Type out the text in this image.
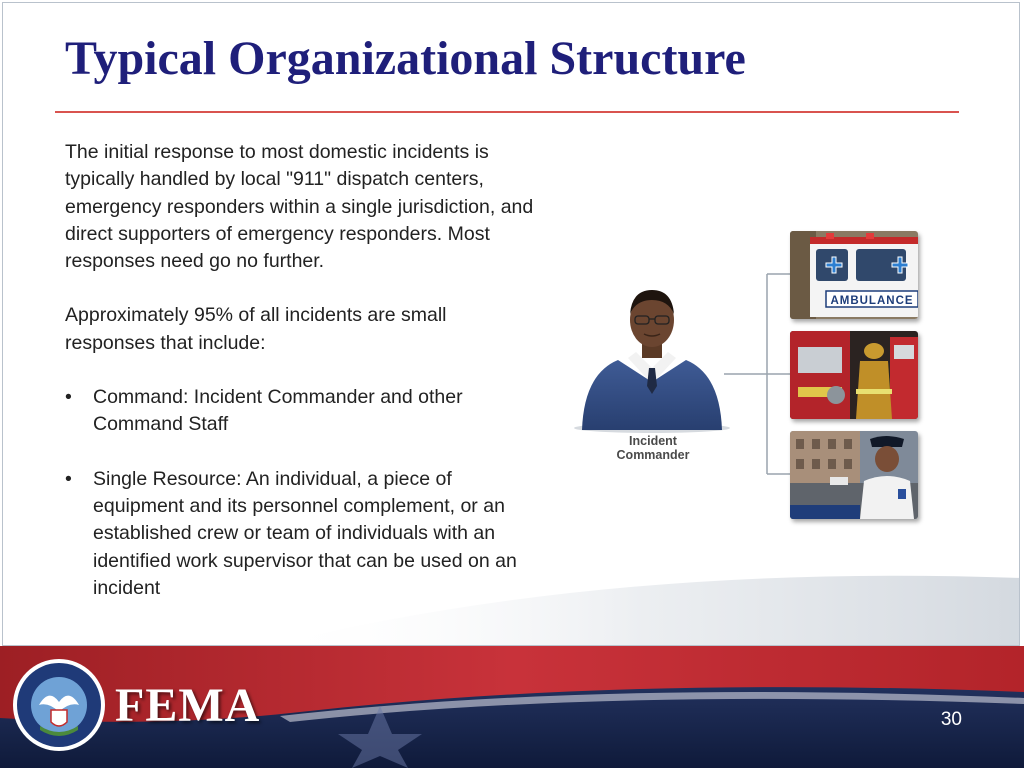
Typical Organizational Structure

The initial response to most domestic incidents is typically handled by local "911" dispatch centers, emergency responders within a single jurisdiction, and direct supporters of emergency responders. Most responses need go no further.

Approximately 95% of all incidents are small responses that include:

• Command: Incident Commander and other Command Staff
• Single Resource: An individual, a piece of equipment and its personnel complement, or an established crew or team of individuals with an identified work supervisor that can be used on an incident
Incident
Commander
AMBULANCE
FEMA	30
